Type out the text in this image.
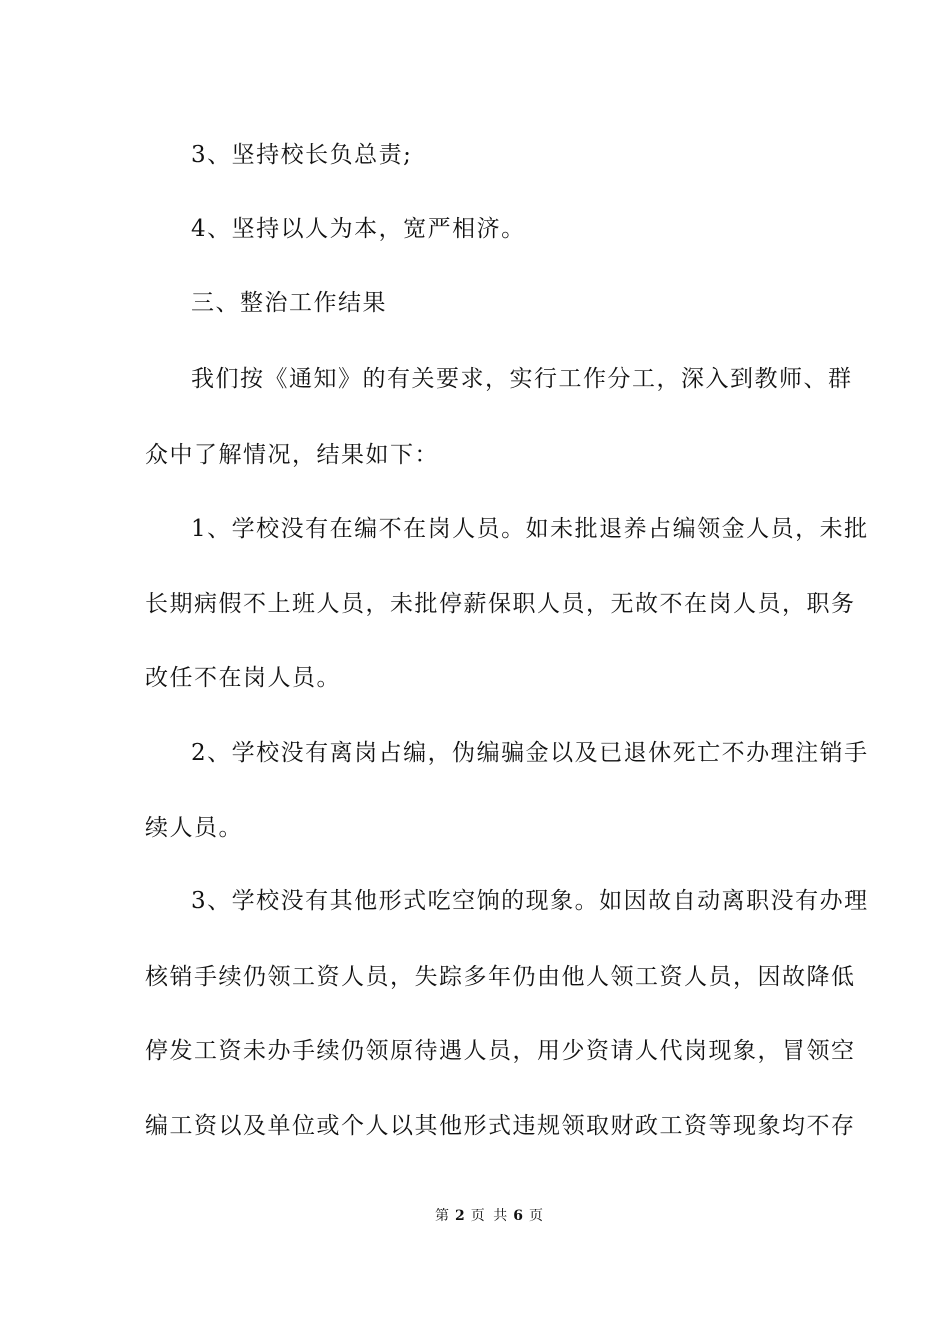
3、坚持校长负总责;
4、坚持以人为本，宽严相济。
三、整治工作结果
我们按《通知》的有关要求，实行工作分工，深入到教师、群
众中了解情况，结果如下：
1、学校没有在编不在岗人员。如未批退养占编领金人员，未批
长期病假不上班人员，未批停薪保职人员，无故不在岗人员，职务
改任不在岗人员。
2、学校没有离岗占编，伪编骗金以及已退休死亡不办理注销手
续人员。
3、学校没有其他形式吃空饷的现象。如因故自动离职没有办理
核销手续仍领工资人员，失踪多年仍由他人领工资人员，因故降低
停发工资未办手续仍领原待遇人员，用少资请人代岗现象，冒领空
编工资以及单位或个人以其他形式违规领取财政工资等现象均不存
第 2 页 共 6 页
